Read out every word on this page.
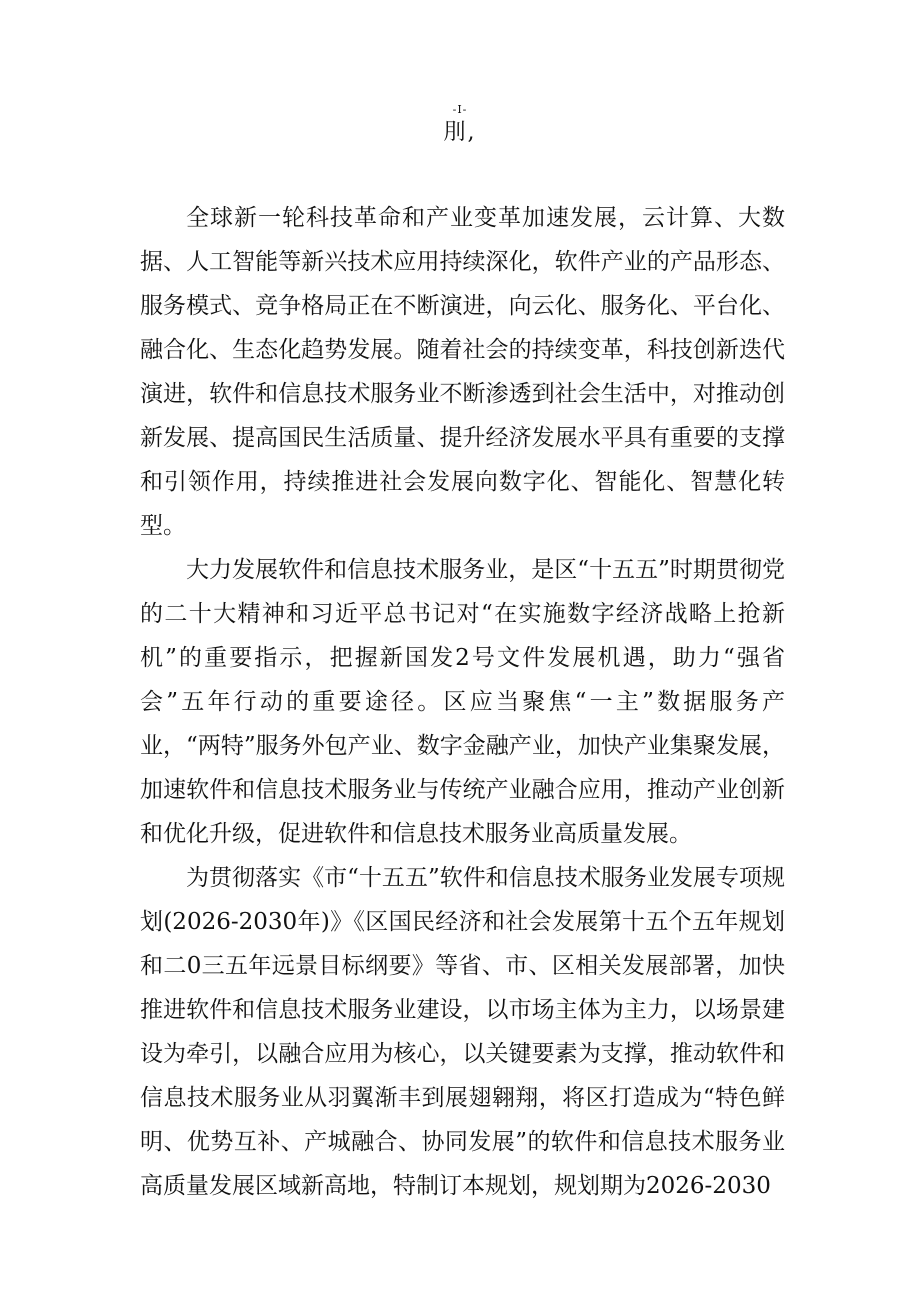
-I-
刖,

全球新一轮科技革命和产业变革加速发展，云计算、大数据、人工智能等新兴技术应用持续深化，软件产业的产品形态、服务模式、竞争格局正在不断演进，向云化、服务化、平台化、融合化、生态化趋势发展。随着社会的持续变革，科技创新迭代演进，软件和信息技术服务业不断渗透到社会生活中，对推动创新发展、提高国民生活质量、提升经济发展水平具有重要的支撑和引领作用，持续推进社会发展向数字化、智能化、智慧化转型。

大力发展软件和信息技术服务业，是区“十五五”时期贯彻党的二十大精神和习近平总书记对“在实施数字经济战略上抢新机”的重要指示，把握新国发2号文件发展机遇，助力“强省会”五年行动的重要途径。区应当聚焦“一主”数据服务产业，“两特”服务外包产业、数字金融产业，加快产业集聚发展，加速软件和信息技术服务业与传统产业融合应用，推动产业创新和优化升级，促进软件和信息技术服务业高质量发展。

为贯彻落实《市“十五五”软件和信息技术服务业发展专项规划(2026-2030年)》《区国民经济和社会发展第十五个五年规划和二0三五年远景目标纲要》等省、市、区相关发展部署，加快推进软件和信息技术服务业建设，以市场主体为主力，以场景建设为牵引，以融合应用为核心，以关键要素为支撑，推动软件和信息技术服务业从羽翼渐丰到展翅翱翔，将区打造成为“特色鲜明、优势互补、产城融合、协同发展”的软件和信息技术服务业高质量发展区域新高地，特制订本规划，规划期为2026-2030
